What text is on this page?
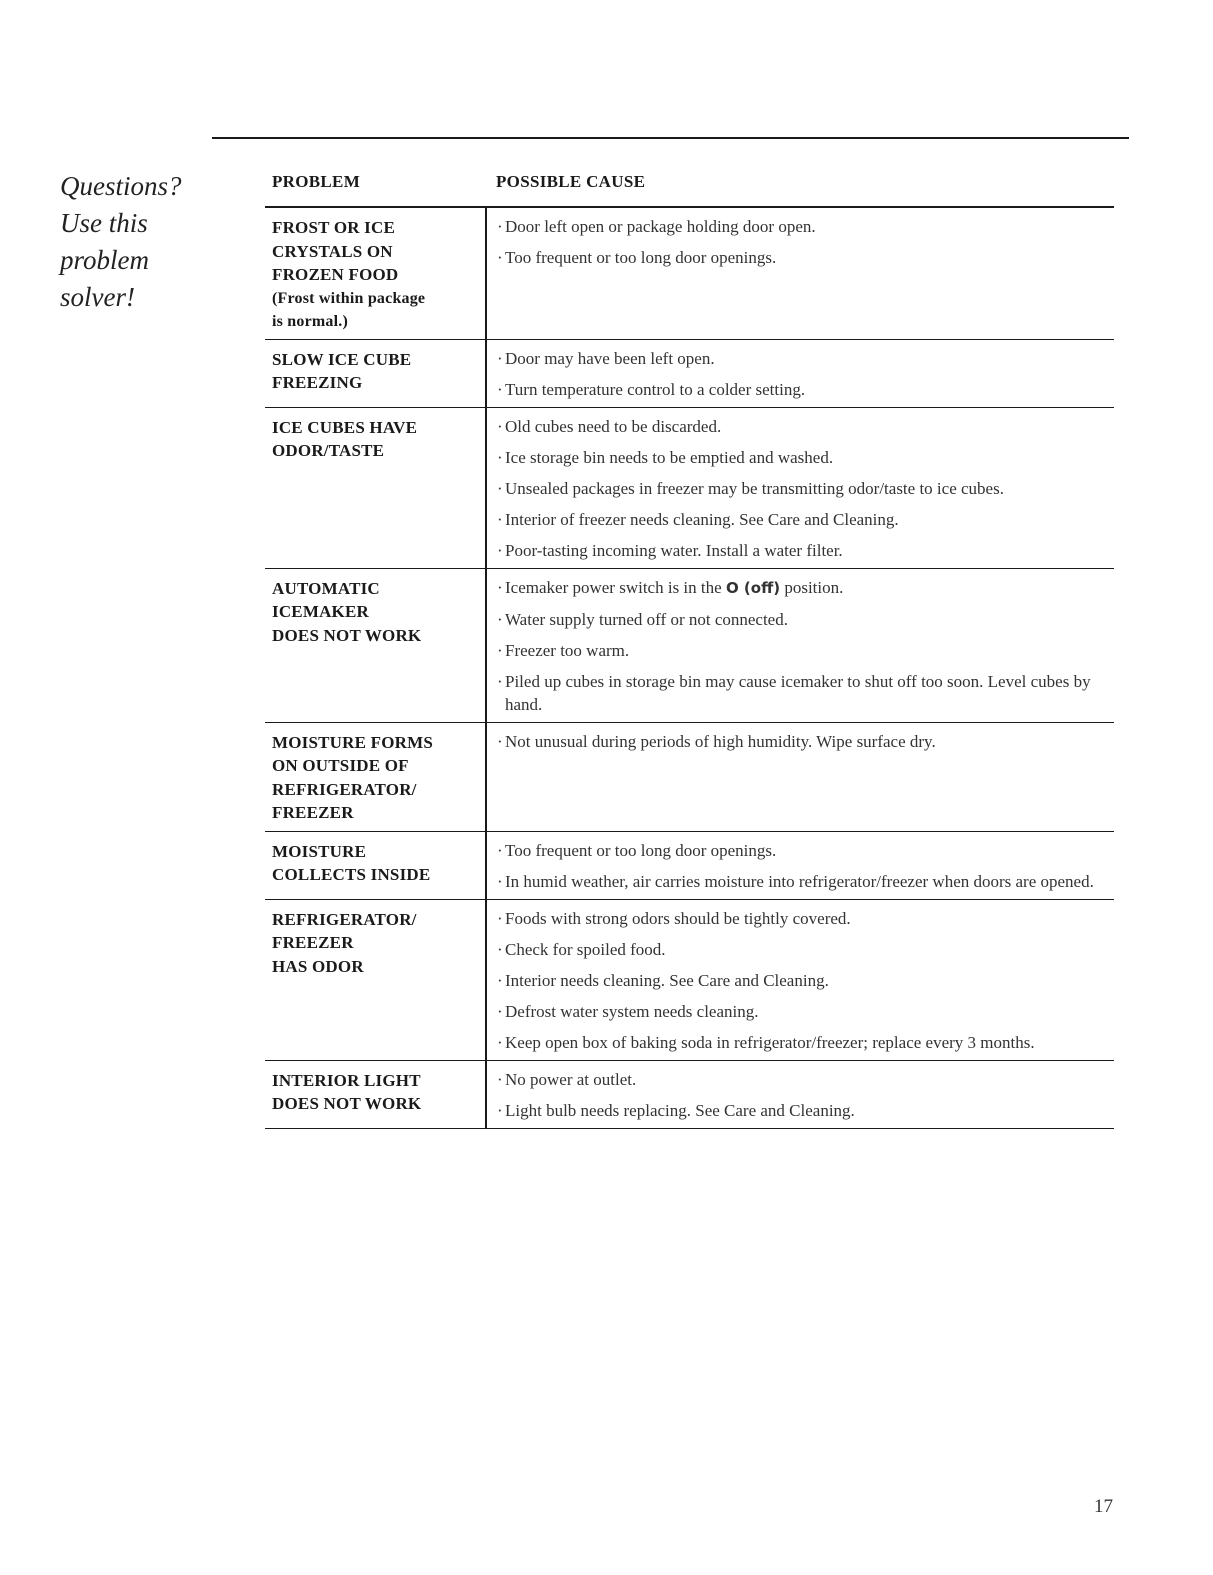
Questions?
Use this
problem
solver!
PROBLEM	POSSIBLE CAUSE
FROST OR ICE
CRYSTALS ON
FROZEN FOOD
(Frost within package
is normal.)
· Door left open or package holding door open.
· Too frequent or too long door openings.
SLOW ICE CUBE
FREEZING
· Door may have been left open.
· Turn temperature control to a colder setting.
ICE CUBES HAVE
ODOR/TASTE
· Old cubes need to be discarded.
· Ice storage bin needs to be emptied and washed.
· Unsealed packages in freezer may be transmitting odor/taste to ice cubes.
· Interior of freezer needs cleaning. See Care and Cleaning.
· Poor-tasting incoming water. Install a water filter.
AUTOMATIC
ICEMAKER
DOES NOT WORK
· Icemaker power switch is in the O (off) position.
· Water supply turned off or not connected.
· Freezer too warm.
· Piled up cubes in storage bin may cause icemaker to shut off too soon. Level cubes by hand.
MOISTURE FORMS
ON OUTSIDE OF
REFRIGERATOR/
FREEZER
· Not unusual during periods of high humidity. Wipe surface dry.
MOISTURE
COLLECTS INSIDE
· Too frequent or too long door openings.
· In humid weather, air carries moisture into refrigerator/freezer when doors are opened.
REFRIGERATOR/
FREEZER
HAS ODOR
· Foods with strong odors should be tightly covered.
· Check for spoiled food.
· Interior needs cleaning. See Care and Cleaning.
· Defrost water system needs cleaning.
· Keep open box of baking soda in refrigerator/freezer; replace every 3 months.
INTERIOR LIGHT
DOES NOT WORK
· No power at outlet.
· Light bulb needs replacing. See Care and Cleaning.
17
